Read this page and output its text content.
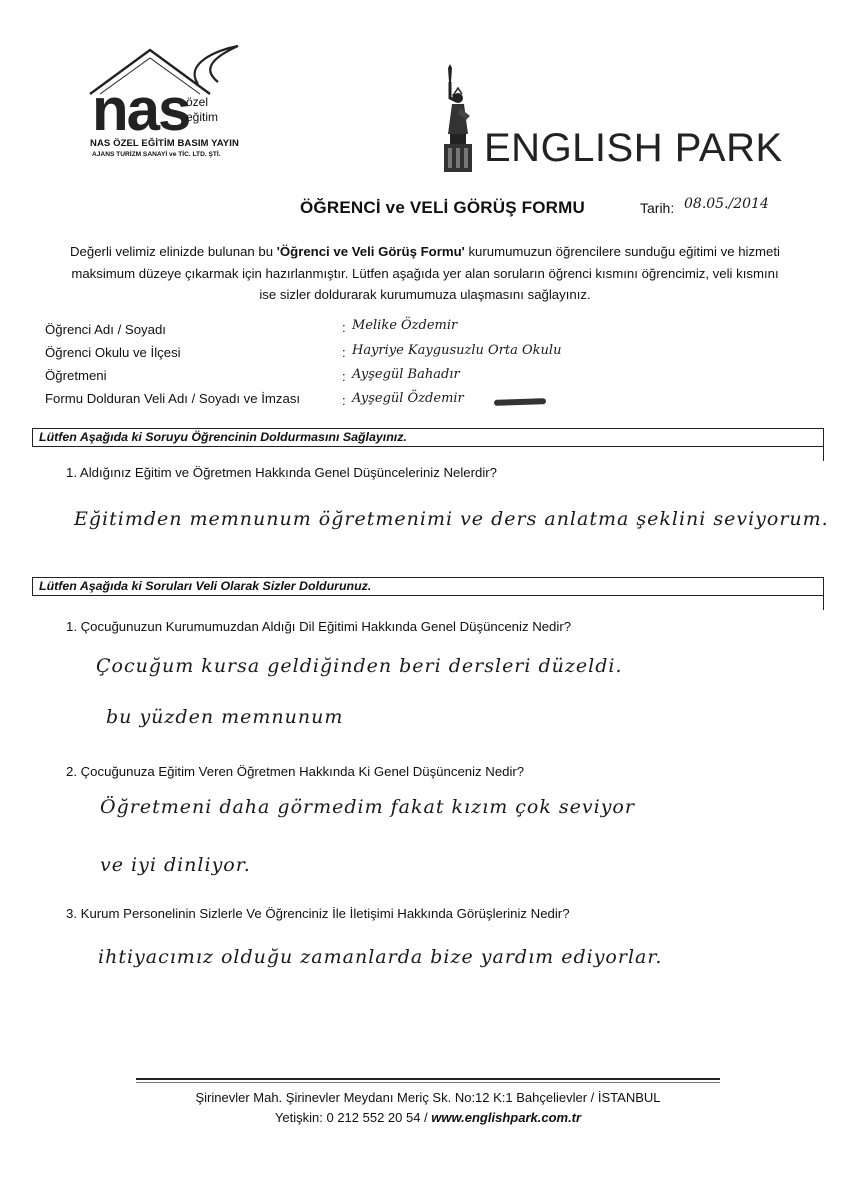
nas
özel
eğitim
NAS ÖZEL EĞİTİM BASIM YAYIN
AJANS TURİZM SANAYİ ve TİC. LTD. ŞTİ.	ENGLISH PARK
ÖĞRENCİ ve VELİ GÖRÜŞ FORMU	Tarih: 08.05./2014
Değerli velimiz elinizde bulunan bu 'Öğrenci ve Veli Görüş Formu' kurumumuzun öğrencilere sunduğu eğitimi ve hizmeti
maksimum düzeye çıkarmak için hazırlanmıştır. Lütfen aşağıda yer alan soruların öğrenci kısmını öğrencimiz, veli kısmını
ise sizler doldurarak kurumumuza ulaşmasını sağlayınız.
Öğrenci Adı / Soyadı	: Melike Özdemir
Öğrenci Okulu ve İlçesi	: Hayriye Kaygusuzlu Orta Okulu
Öğretmeni	: Ayşegül Bahadır
Formu Dolduran Veli Adı / Soyadı ve İmzası	: Ayşegül Özdemir
Lütfen Aşağıda ki Soruyu Öğrencinin Doldurmasını Sağlayınız.
1. Aldığınız Eğitim ve Öğretmen Hakkında Genel Düşünceleriniz Nelerdir?
Eğitimden memnunum öğretmenimi ve ders anlatma şeklini seviyorum.
Lütfen Aşağıda ki Soruları Veli Olarak Sizler Doldurunuz.
1. Çocuğunuzun Kurumumuzdan Aldığı Dil Eğitimi Hakkında Genel Düşünceniz Nedir?
Çocuğum kursa geldiğinden beri dersleri düzeldi.
bu yüzden memnunum
2. Çocuğunuza Eğitim Veren Öğretmen Hakkında Ki Genel Düşünceniz Nedir?
Öğretmeni daha görmedim fakat kızım çok seviyor
ve iyi dinliyor.
3. Kurum Personelinin Sizlerle Ve Öğrenciniz İle İletişimi Hakkında Görüşleriniz Nedir?
ihtiyacımız olduğu zamanlarda bize yardım ediyorlar.
Şirinevler Mah. Şirinevler Meydanı Meriç Sk. No:12 K:1 Bahçelievler / İSTANBUL
Yetişkin: 0 212 552 20 54 / www.englishpark.com.tr
